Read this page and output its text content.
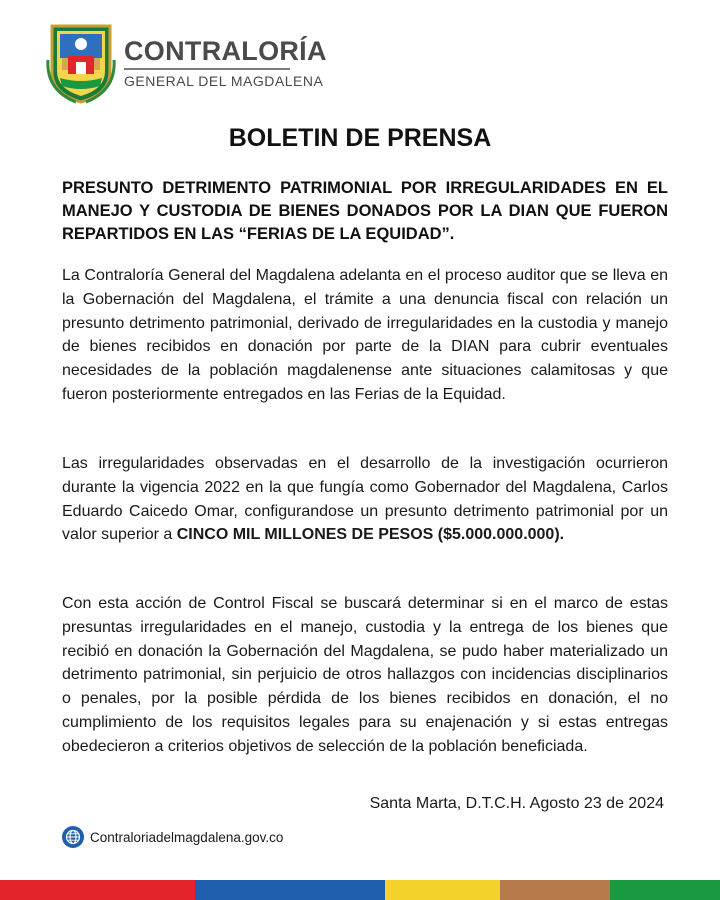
CONTRALORÍA
GENERAL DEL MAGDALENA
BOLETIN DE PRENSA
PRESUNTO DETRIMENTO PATRIMONIAL POR IRREGULARIDADES EN EL MANEJO Y CUSTODIA DE BIENES DONADOS POR LA DIAN QUE FUERON REPARTIDOS EN LAS “FERIAS DE LA EQUIDAD”.
La Contraloría General del Magdalena adelanta en el proceso auditor que se lleva en la Gobernación del Magdalena, el trámite a una denuncia fiscal con relación un presunto detrimento patrimonial, derivado de irregularidades en la custodia y manejo de bienes recibidos en donación por parte de la DIAN para cubrir eventuales necesidades de la población magdalenense ante situaciones calamitosas y que fueron posteriormente entregados en las Ferias de la Equidad.
Las irregularidades observadas en el desarrollo de la investigación ocurrieron durante la vigencia 2022 en la que fungía como Gobernador del Magdalena, Carlos Eduardo Caicedo Omar, configurandose un presunto detrimento patrimonial por un valor superior a CINCO MIL MILLONES DE PESOS ($5.000.000.000).
Con esta acción de Control Fiscal se buscará determinar si en el marco de estas presuntas irregularidades en el manejo, custodia y la entrega de los bienes que recibió en donación la Gobernación del Magdalena, se pudo haber materializado un detrimento patrimonial, sin perjuicio de otros hallazgos con incidencias disciplinarios o penales, por la posible pérdida de los bienes recibidos en donación, el no cumplimiento de los requisitos legales para su enajenación y si estas entregas obedecieron a criterios objetivos de selección de la población beneficiada.
Santa Marta, D.T.C.H. Agosto 23 de 2024
Contraloriadelmagdalena.gov.co
